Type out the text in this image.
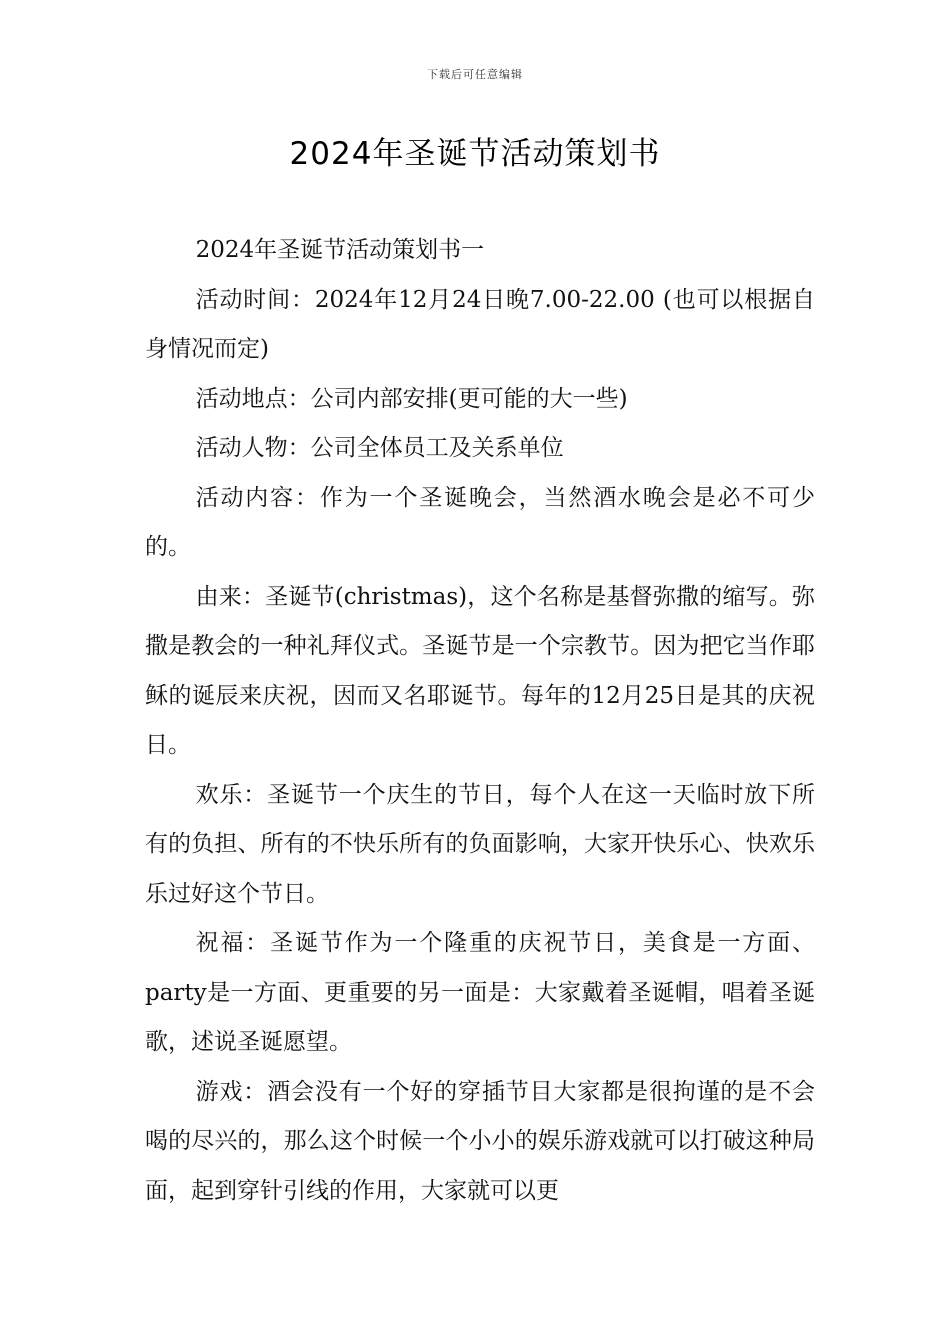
下载后可任意编辑
2024年圣诞节活动策划书

2024年圣诞节活动策划书一

活动时间：2024年12月24日晚7.00-22.00 (也可以根据自身情况而定)

活动地点：公司内部安排(更可能的大一些)

活动人物：公司全体员工及关系单位

活动内容：作为一个圣诞晚会，当然酒水晚会是必不可少的。

由来：圣诞节(christmas)，这个名称是基督弥撒的缩写。弥撒是教会的一种礼拜仪式。圣诞节是一个宗教节。因为把它当作耶稣的诞辰来庆祝，因而又名耶诞节。每年的12月25日是其的庆祝日。

欢乐：圣诞节一个庆生的节日，每个人在这一天临时放下所有的负担、所有的不快乐所有的负面影响，大家开快乐心、快欢乐乐过好这个节日。

祝福：圣诞节作为一个隆重的庆祝节日，美食是一方面、party是一方面、更重要的另一面是：大家戴着圣诞帽，唱着圣诞歌，述说圣诞愿望。

游戏：酒会没有一个好的穿插节目大家都是很拘谨的是不会喝的尽兴的，那么这个时候一个小小的娱乐游戏就可以打破这种局面，起到穿针引线的作用，大家就可以更
